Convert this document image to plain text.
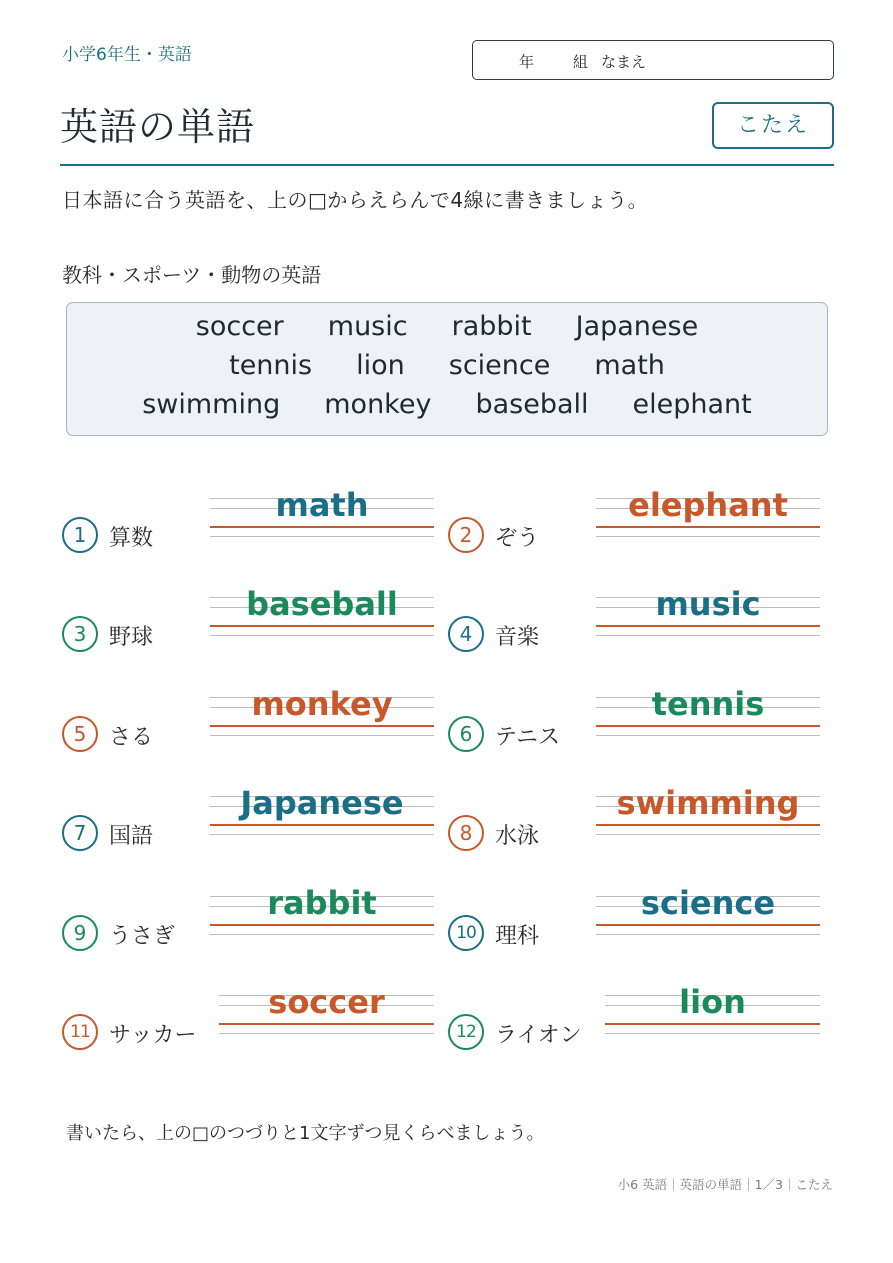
小学6年生・英語	年	組 なまえ
英語の単語	こたえ
日本語に合う英語を、上の□からえらんで4線に書きましょう。
教科・スポーツ・動物の英語
soccer music rabbit Japanese
tennis lion science math
swimming monkey baseball elephant
1	算数
math
2	ぞう
elephant
3	野球
baseball
4	音楽
music
5	さる
monkey
6	テニス
tennis
7	国語
Japanese
8	水泳
swimming
9	うさぎ
rabbit
10 理科
science
11 サッカー
soccer
12 ライオン
lion
書いたら、上の□のつづりと1文字ずつ見くらべましょう。
小6 英語｜英語の単語｜1／3｜こたえ
